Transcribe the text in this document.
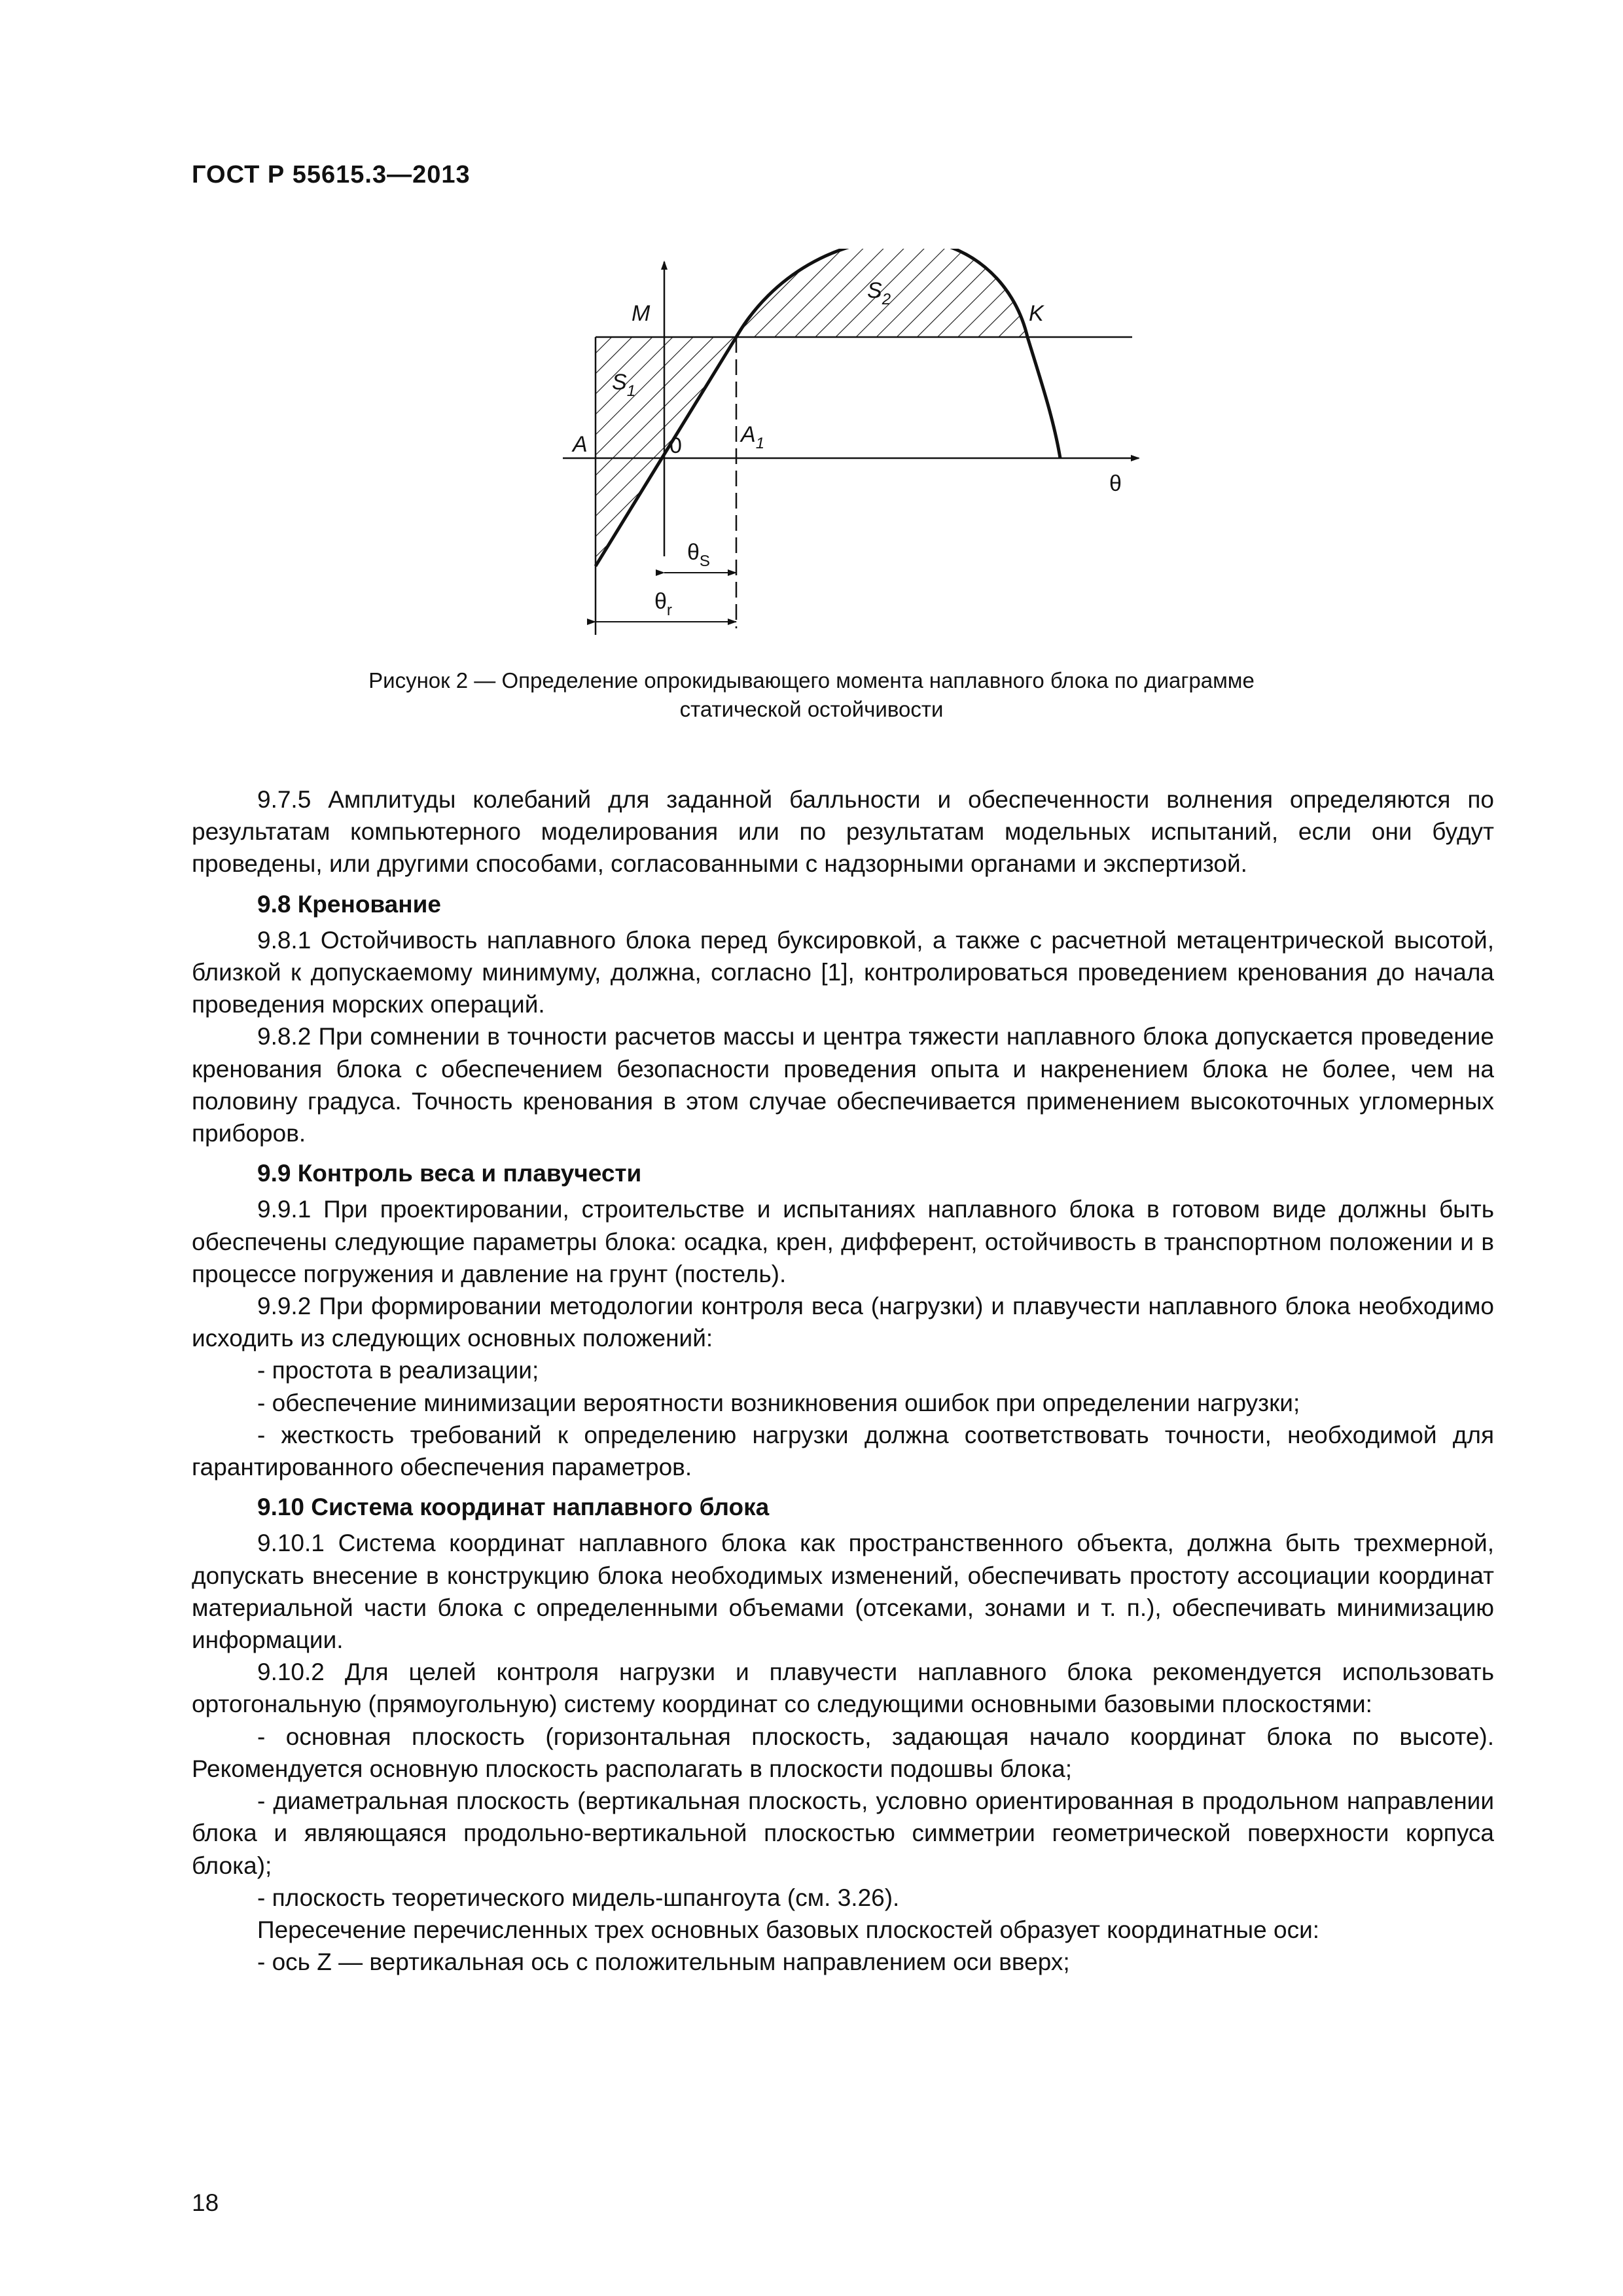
ГОСТ Р 55615.3—2013
M
$S_2$
K
$S_1$
A	0	$A_1$
θ
$\theta_S$
$\theta_r$
Рисунок 2 — Определение опрокидывающего момента наплавного блока по диаграмме
статической остойчивости

9.7.5 Амплитуды колебаний для заданной балльности и обеспеченности волнения определяются по результатам компьютерного моделирования или по результатам модельных испытаний, если они будут проведены, или другими способами, согласованными с надзорными органами и экспертизой.

9.8 Кренование

9.8.1 Остойчивость наплавного блока перед буксировкой, а также с расчетной метацентрической высотой, близкой к допускаемому минимуму, должна, согласно [1], контролироваться проведением кренования до начала проведения морских операций.

9.8.2 При сомнении в точности расчетов массы и центра тяжести наплавного блока допускается проведение кренования блока с обеспечением безопасности проведения опыта и накренением блока не более, чем на половину градуса. Точность кренования в этом случае обеспечивается применением высокоточных угломерных приборов.

9.9 Контроль веса и плавучести

9.9.1 При проектировании, строительстве и испытаниях наплавного блока в готовом виде должны быть обеспечены следующие параметры блока: осадка, крен, дифферент, остойчивость в транспортном положении и в процессе погружения и давление на грунт (постель).

9.9.2 При формировании методологии контроля веса (нагрузки) и плавучести наплавного блока необходимо исходить из следующих основных положений:

- простота в реализации;

- обеспечение минимизации вероятности возникновения ошибок при определении нагрузки;

- жесткость требований к определению нагрузки должна соответствовать точности, необходимой для гарантированного обеспечения параметров.

9.10 Система координат наплавного блока

9.10.1 Система координат наплавного блока как пространственного объекта, должна быть трехмерной, допускать внесение в конструкцию блока необходимых изменений, обеспечивать простоту ассоциации координат материальной части блока с определенными объемами (отсеками, зонами и т. п.), обеспечивать минимизацию информации.

9.10.2 Для целей контроля нагрузки и плавучести наплавного блока рекомендуется использовать ортогональную (прямоугольную) систему координат со следующими основными базовыми плоскостями:

- основная плоскость (горизонтальная плоскость, задающая начало координат блока по высоте). Рекомендуется основную плоскость располагать в плоскости подошвы блока;

- диаметральная плоскость (вертикальная плоскость, условно ориентированная в продольном направлении блока и являющаяся продольно-вертикальной плоскостью симметрии геометрической поверхности корпуса блока);

- плоскость теоретического мидель-шпангоута (см. 3.26).

Пересечение перечисленных трех основных базовых плоскостей образует координатные оси:

- ось Z — вертикальная ось с положительным направлением оси вверх;

18
